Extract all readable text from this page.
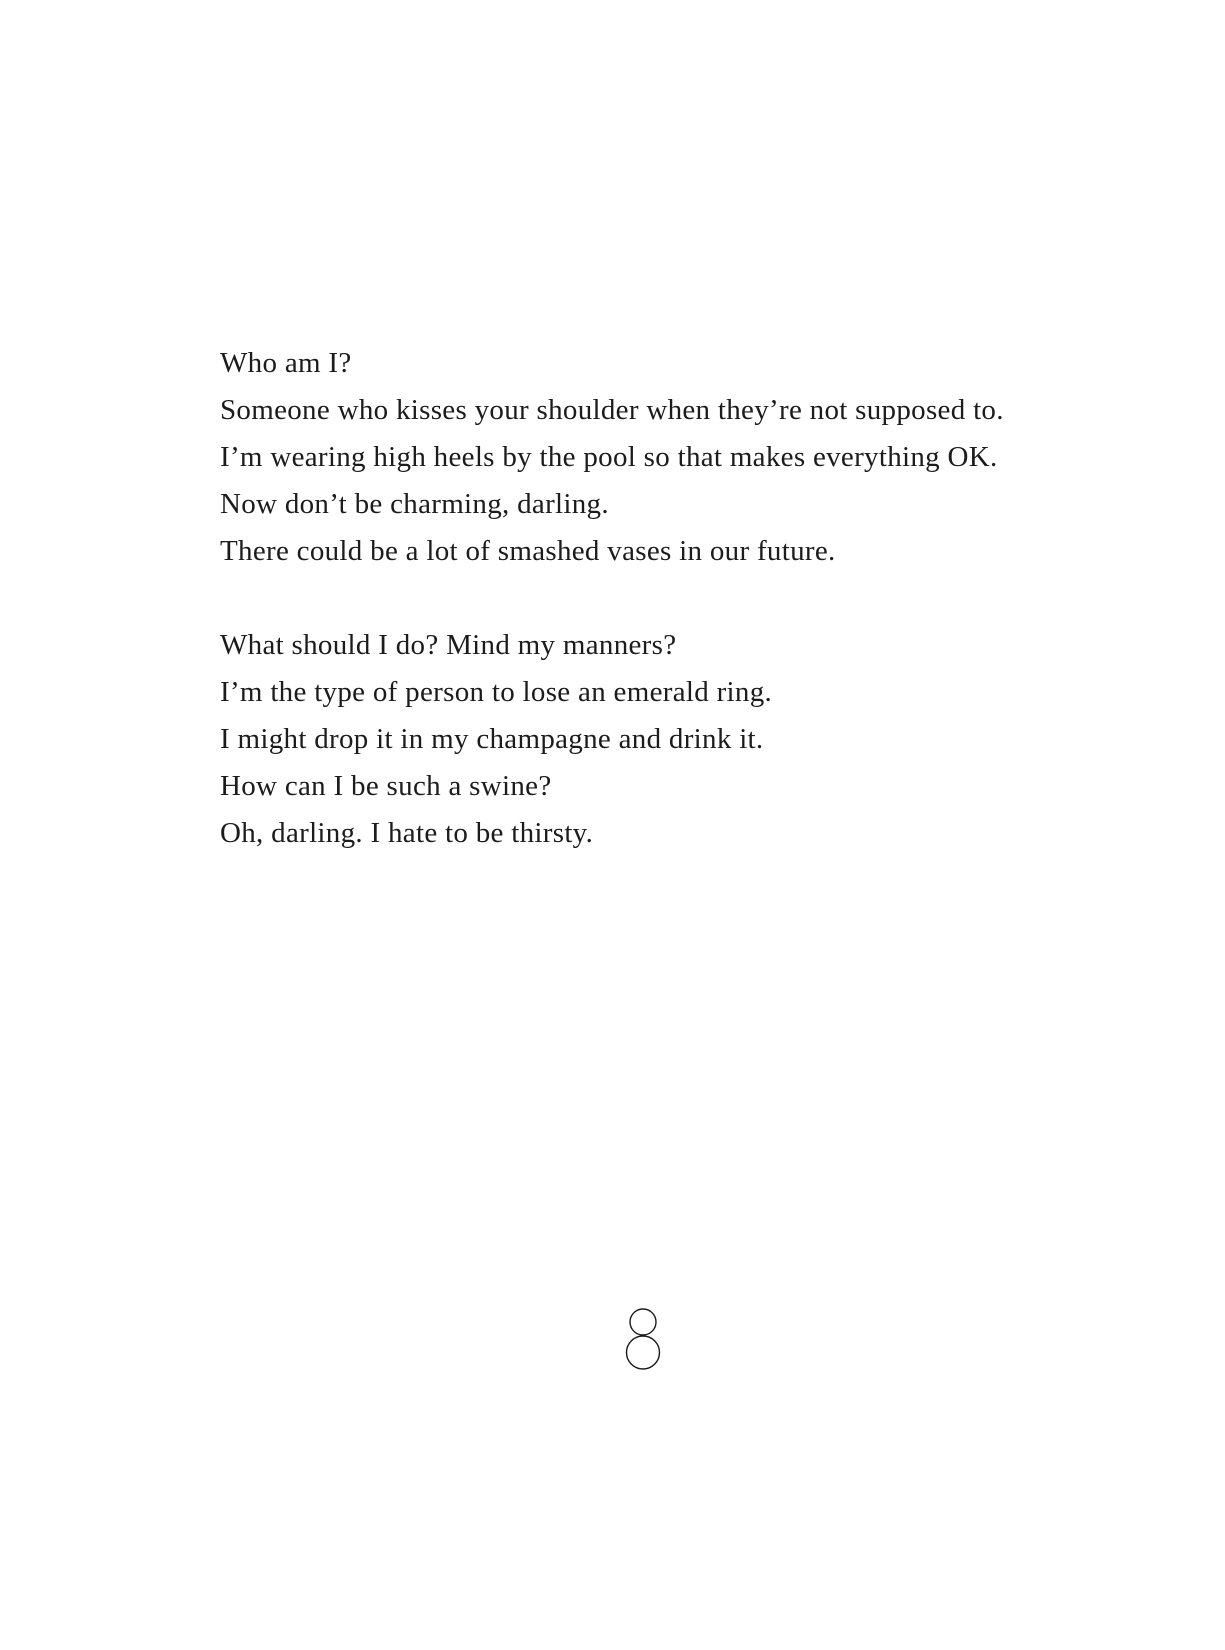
Who am I?

Someone who kisses your shoulder when they’re not supposed to.

I’m wearing high heels by the pool so that makes everything OK.

Now don’t be charming, darling.

There could be a lot of smashed vases in our future.

What should I do? Mind my manners?

I’m the type of person to lose an emerald ring.

I might drop it in my champagne and drink it.

How can I be such a swine?

Oh, darling. I hate to be thirsty.
